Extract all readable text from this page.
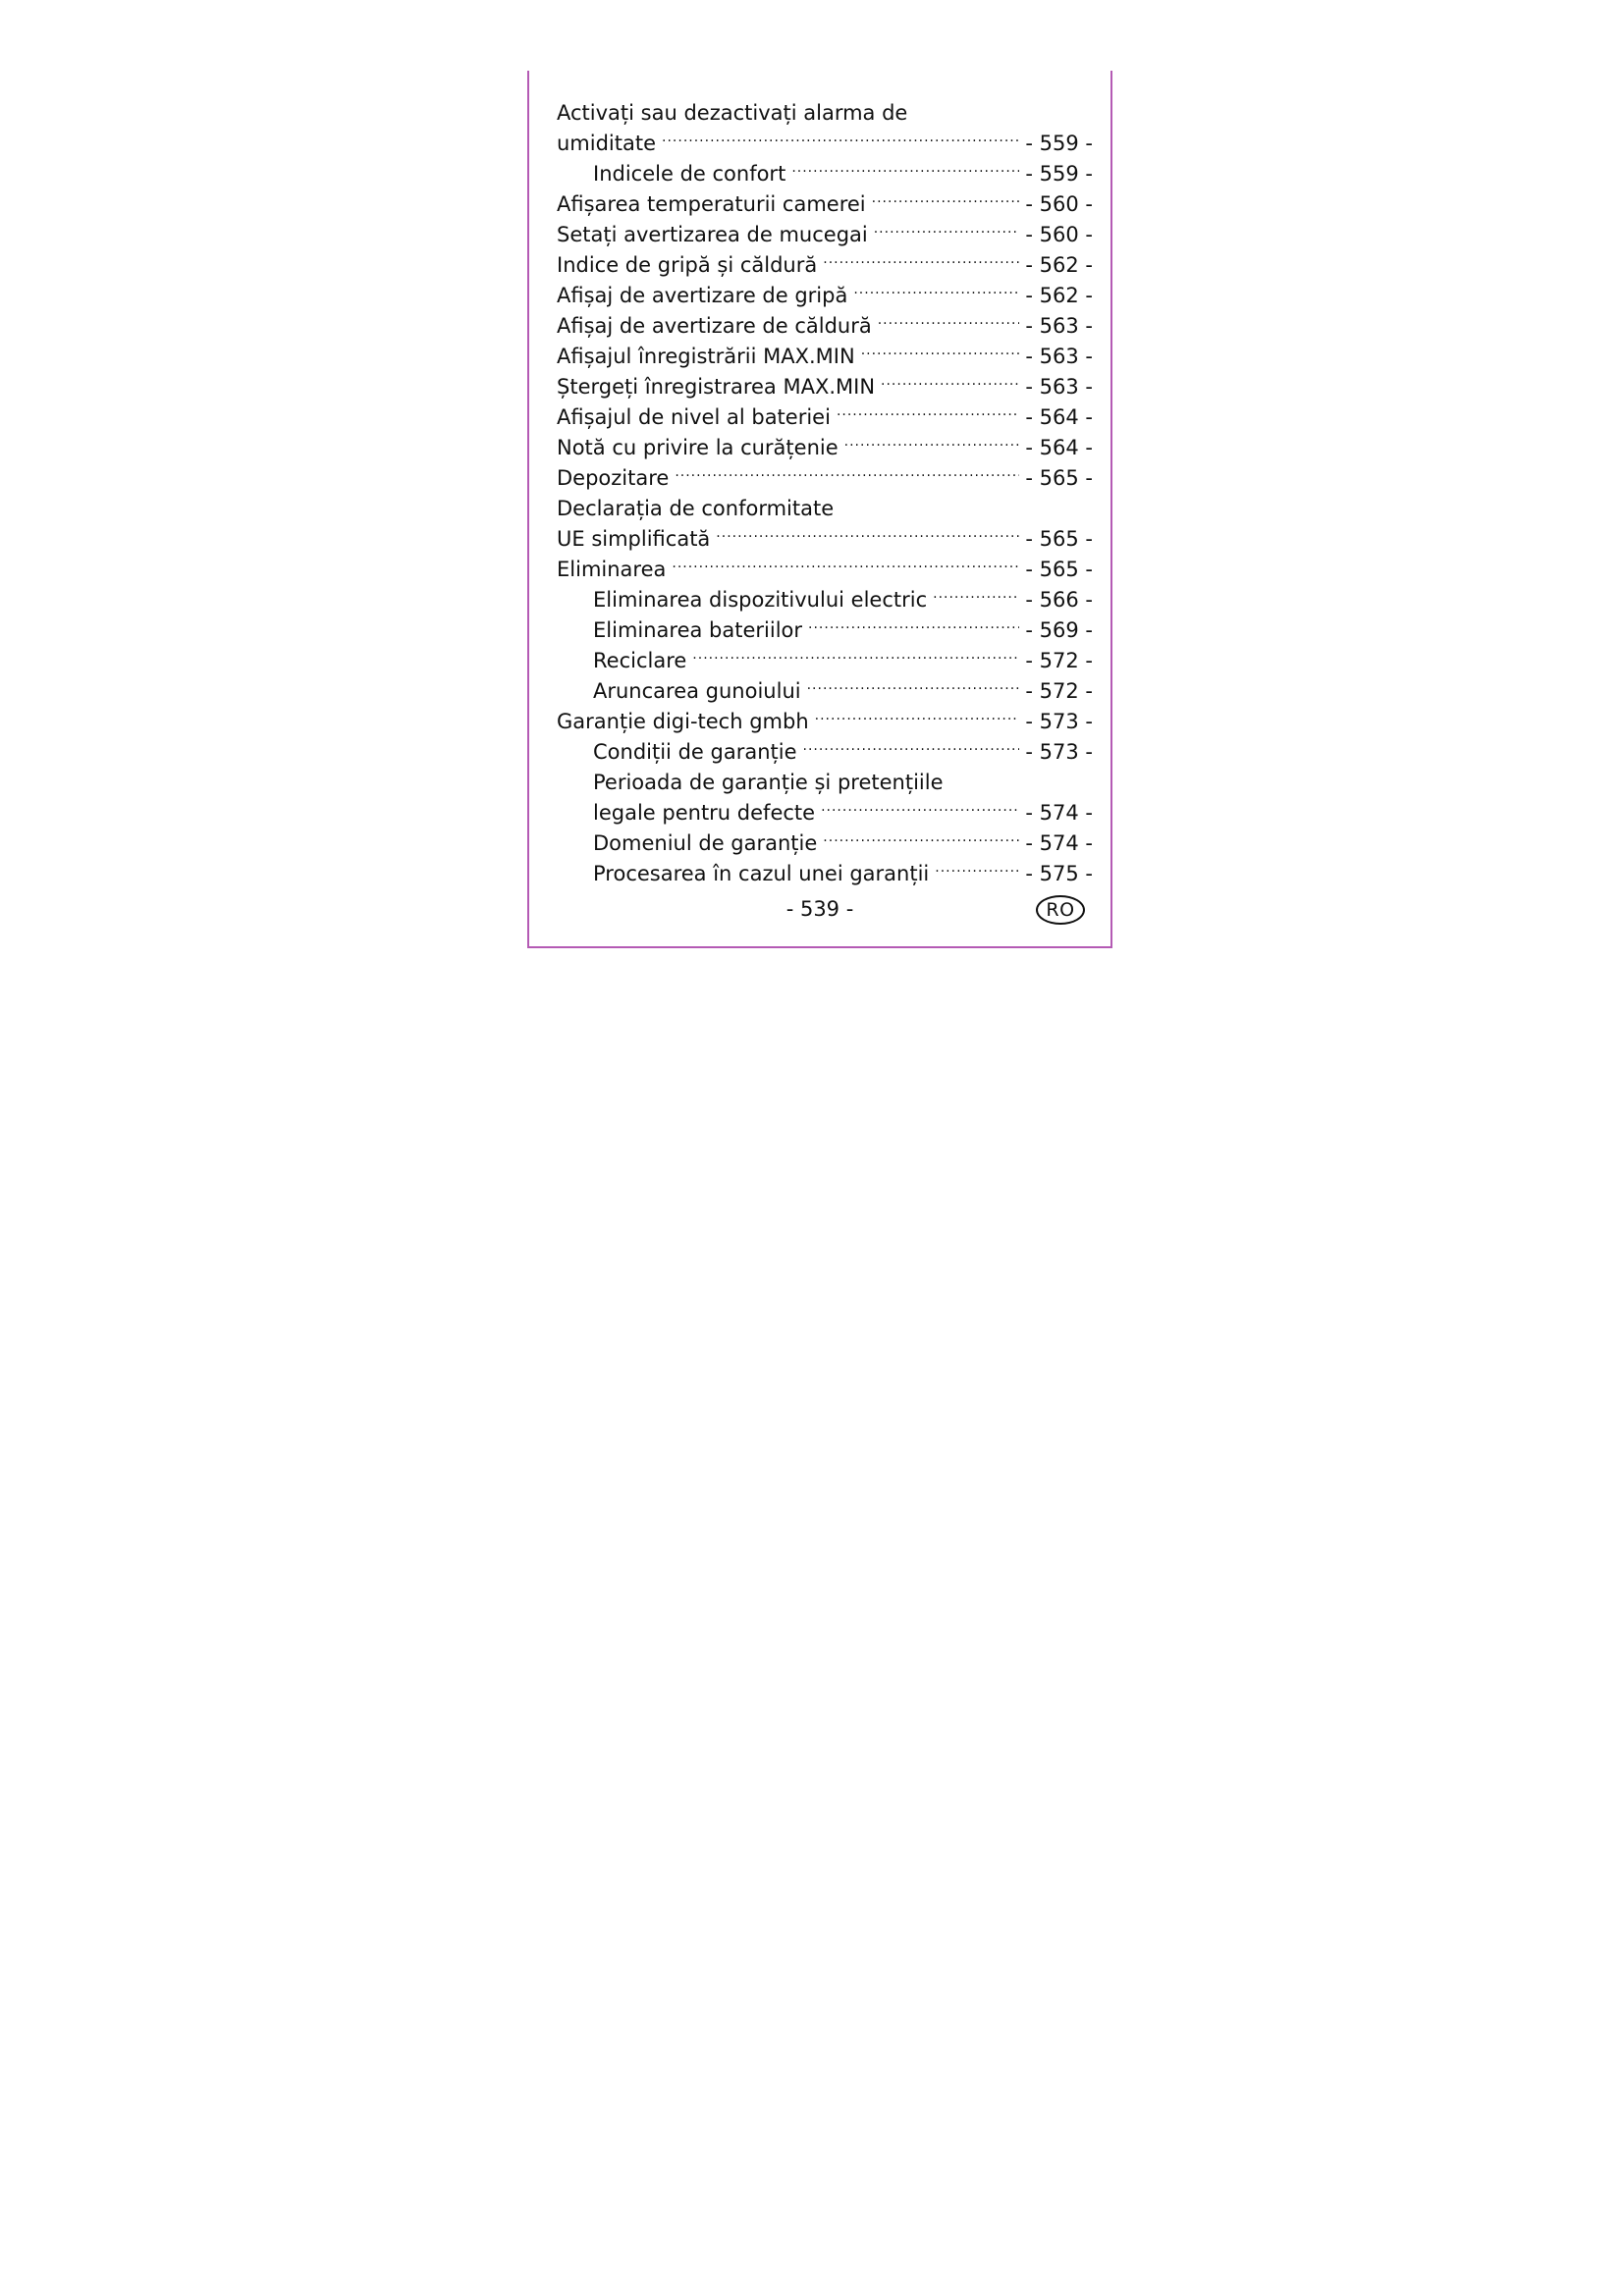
Activați sau dezactivați alarma de
umiditate .....	- 559 -
Indicele de confort .....	- 559 -
Afișarea temperaturii camerei .....	- 560 -
Setați avertizarea de mucegai .....	- 560 -
Indice de gripă și căldură .....	- 562 -
Afișaj de avertizare de gripă .....	- 562 -
Afișaj de avertizare de căldură .....	- 563 -
Afișajul înregistrării MAX.MIN .....	- 563 -
Ștergeți înregistrarea MAX.MIN .....	- 563 -
Afișajul de nivel al bateriei .....	- 564 -
Notă cu privire la curățenie .....	- 564 -
Depozitare .....	- 565 -
Declarația de conformitate
UE simplificată .....	- 565 -
Eliminarea .....	- 565 -
Eliminarea dispozitivului electric .....	- 566 -
Eliminarea bateriilor .....	- 569 -
Reciclare .....	- 572 -
Aruncarea gunoiului .....	- 572 -
Garanție digi-tech gmbh .....	- 573 -
Condiții de garanție .....	- 573 -
Perioada de garanție și pretențiile
legale pentru defecte .....	- 574 -
Domeniul de garanție .....	- 574 -
Procesarea în cazul unei garanții .....	- 575 -
- 539 -	RO
